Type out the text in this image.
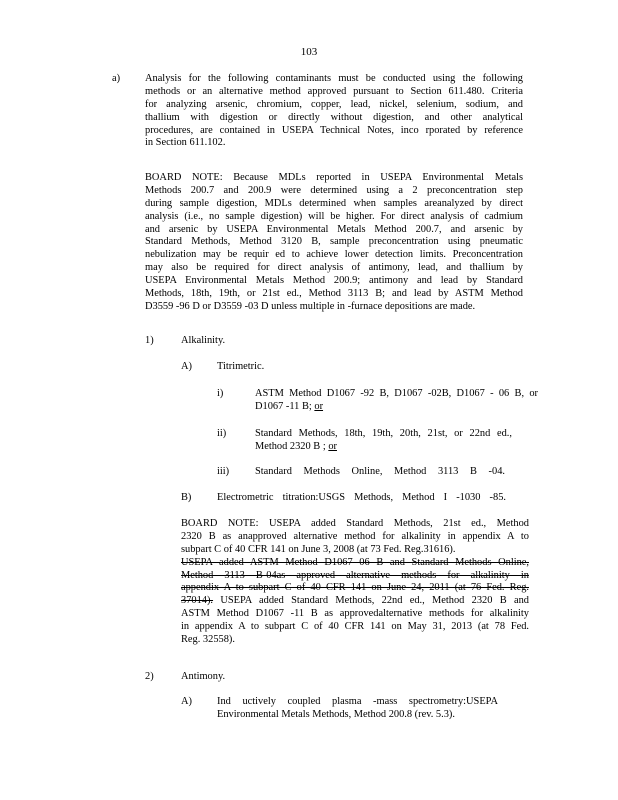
103
a) Analysis for the following contaminants must be conducted using the following
methods or an alternative method approved pursuant to Section 611.480. Criteria
for analyzing arsenic, chromium, copper, lead, nickel, selenium, sodium, and
thallium with digestion or directly without digestion, and other analytical
procedures, are contained in USEPA Technical Notes, inco rporated by reference
in Section 611.102.
BOARD NOTE: Because MDLs reported in USEPA Environmental Metals
Methods 200.7 and 200.9 were determined using a 2 preconcentration step
during sample digestion, MDLs determined when samples areanalyzed by direct
analysis (i.e., no sample digestion) will be higher. For direct analysis of cadmium
and arsenic by USEPA Environmental Metals Method 200.7, and arsenic by
Standard Methods, Method 3120 B, sample preconcentration using pneumatic
nebulization may be requir ed to achieve lower detection limits. Preconcentration
may also be required for direct analysis of antimony, lead, and thallium by
USEPA Environmental Metals Method 200.9; antimony and lead by Standard
Methods, 18th, 19th, or 21st ed., Method 3113 B; and lead by ASTM Method
D3559 -96 D or D3559 -03 D unless multiple in -furnace depositions are made.
1)	Alkalinity.
A) Titrimetric.
i)	ASTM Method D1067 -92 B, D1067 -02B, D1067 - 06 B, or
D1067 -11 B; or
ii)	Standard Methods, 18th, 19th, 20th, 21st, or 22nd ed.,
Method 2320 B ; or
iii) Standard Methods Online, Method 3113 B -04.
B) Electrometric titration:USGS Methods, Method I -1030 -85.
BOARD NOTE: USEPA added Standard Methods, 21st ed., Method
2320 B as anapproved alternative method for alkalinity in appendix A to
subpart C of 40 CFR 141 on June 3, 2008 (at 73 Fed. Reg.31616).
USEPA added ASTM Method D1067 06 B and Standard Methods Online,
Method 3113 B-04as approved alternative methods for alkalinity in
appendix A to subpart C of 40 CFR 141 on June 24, 2011 (at 76 Fed. Reg.
37014). USEPA added Standard Methods, 22nd ed., Method 2320 B and
ASTM Method D1067 -11 B as approvedalternative methods for alkalinity
in appendix A to subpart C of 40 CFR 141 on May 31, 2013 (at 78 Fed.
Reg. 32558).
2)	Antimony.
A) Ind uctively coupled plasma -mass spectrometry:USEPA
Environmental Metals Methods, Method 200.8 (rev. 5.3).
